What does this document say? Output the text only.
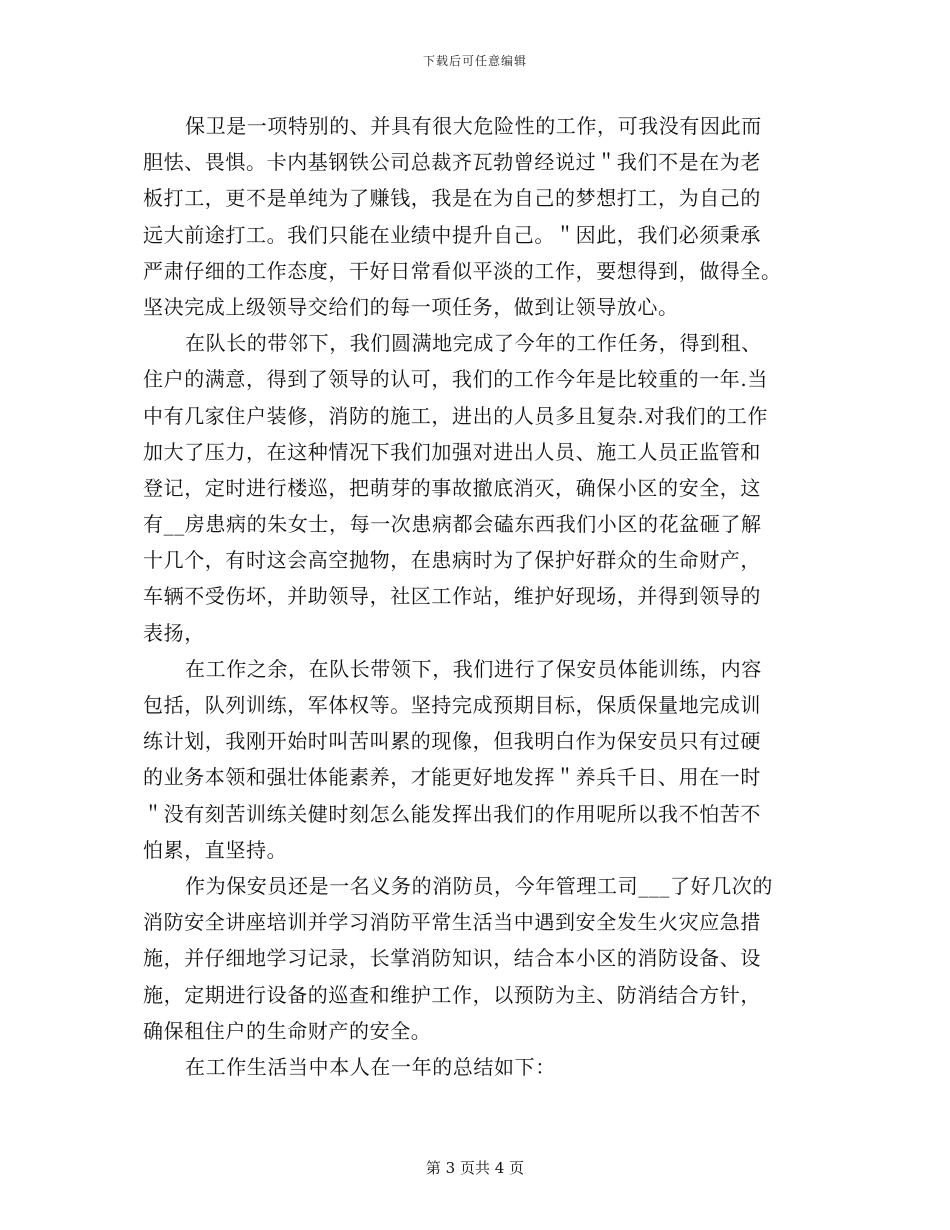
下载后可任意编辑
保卫是一项特别的、并具有很大危险性的工作，可我没有因此而
胆怯、畏惧。卡内基钢铁公司总裁齐瓦勃曾经说过＂我们不是在为老
板打工，更不是单纯为了赚钱，我是在为自己的梦想打工，为自己的
远大前途打工。我们只能在业绩中提升自己。＂因此，我们必须秉承
严肃仔细的工作态度，干好日常看似平淡的工作，要想得到，做得全。
坚决完成上级领导交给们的每一项任务，做到让领导放心。
在队长的带邻下，我们圆满地完成了今年的工作任务，得到租、
住户的满意，得到了领导的认可，我们的工作今年是比较重的一年.当
中有几家住户装修，消防的施工，进出的人员多且复杂.对我们的工作
加大了压力，在这种情况下我们加强对进出人员、施工人员正监管和
登记，定时进行楼巡，把萌芽的事故撤底消灭，确保小区的安全，这
有__房患病的朱女士，每一次患病都会磕东西我们小区的花盆砸了解
十几个，有时这会高空抛物，在患病时为了保护好群众的生命财产，
车辆不受伤坏，并助领导，社区工作站，维护好现场，并得到领导的
表扬，
在工作之余，在队长带领下，我们进行了保安员体能训练，内容
包括，队列训练，军体权等。坚持完成预期目标，保质保量地完成训
练计划，我刚开始时叫苦叫累的现像，但我明白作为保安员只有过硬
的业务本领和强壮体能素养，才能更好地发挥＂养兵千日、用在一时
＂没有刻苦训练关健时刻怎么能发挥出我们的作用呢所以我不怕苦不
怕累，直坚持。
作为保安员还是一名义务的消防员，今年管理工司___了好几次的
消防安全讲座培训并学习消防平常生活当中遇到安全发生火灾应急措
施，并仔细地学习记录，长掌消防知识，结合本小区的消防设备、设
施，定期进行设备的巡查和维护工作，以预防为主、防消结合方针，
确保租住户的生命财产的安全。
在工作生活当中本人在一年的总结如下：
第 3 页共 4 页
